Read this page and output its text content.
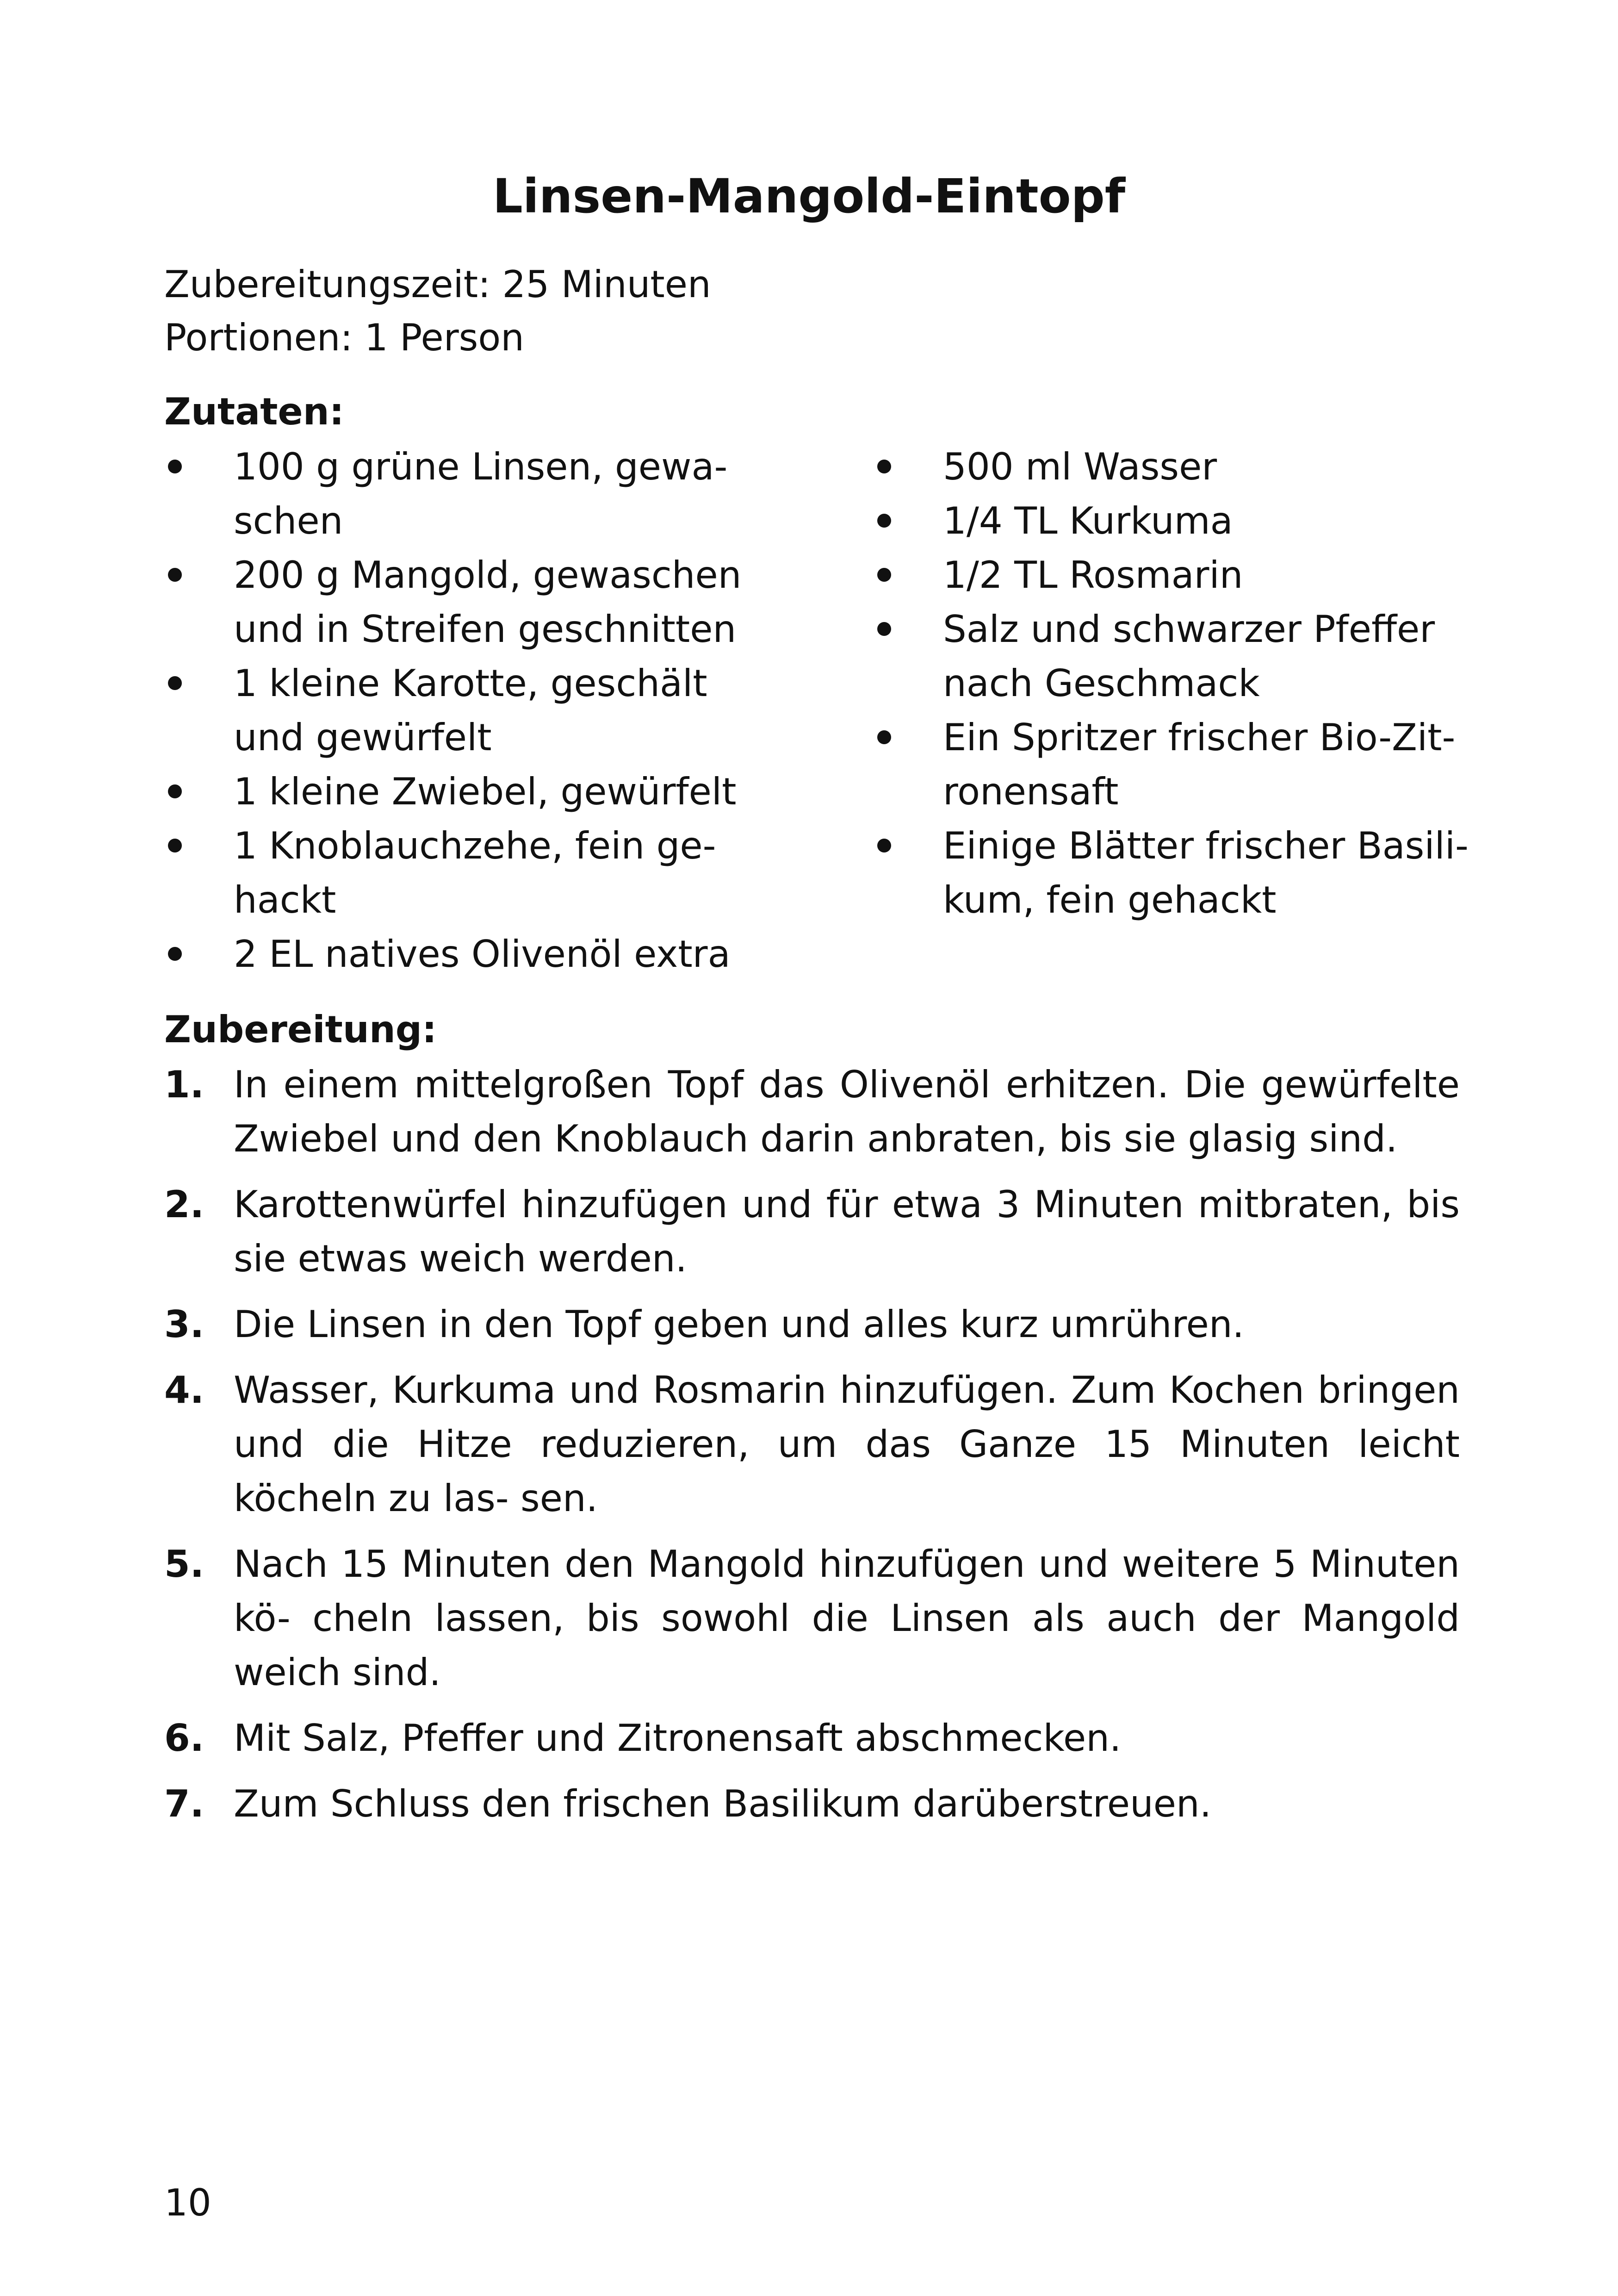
Linsen-Mangold-Eintopf

Zubereitungszeit: 25 Minuten

Portionen: 1 Person

Zutaten:
100 g grüne Linsen, gewa- schen
200 g Mangold, gewaschen und in Streifen geschnitten
1 kleine Karotte, geschält und gewürfelt
1 kleine Zwiebel, gewürfelt
1 Knoblauchzehe, fein ge- hackt
2 EL natives Olivenöl extra
500 ml Wasser
1/4 TL Kurkuma
1/2 TL Rosmarin
Salz und schwarzer Pfeffer nach Geschmack
Ein Spritzer frischer Bio-Zit- ronensaft
Einige Blätter frischer Basili- kum, fein gehackt
Zubereitung:
1. In einem mittelgroßen Topf das Olivenöl erhitzen. Die gewürfelte Zwiebel und den Knoblauch darin anbraten, bis sie glasig sind.
2. Karottenwürfel hinzufügen und für etwa 3 Minuten mitbraten, bis sie etwas weich werden.
3. Die Linsen in den Topf geben und alles kurz umrühren.
4. Wasser, Kurkuma und Rosmarin hinzufügen. Zum Kochen bringen und die Hitze reduzieren, um das Ganze 15 Minuten leicht köcheln zu las- sen.
5. Nach 15 Minuten den Mangold hinzufügen und weitere 5 Minuten kö- cheln lassen, bis sowohl die Linsen als auch der Mangold weich sind.
6. Mit Salz, Pfeffer und Zitronensaft abschmecken.
7. Zum Schluss den frischen Basilikum darüberstreuen.

10
